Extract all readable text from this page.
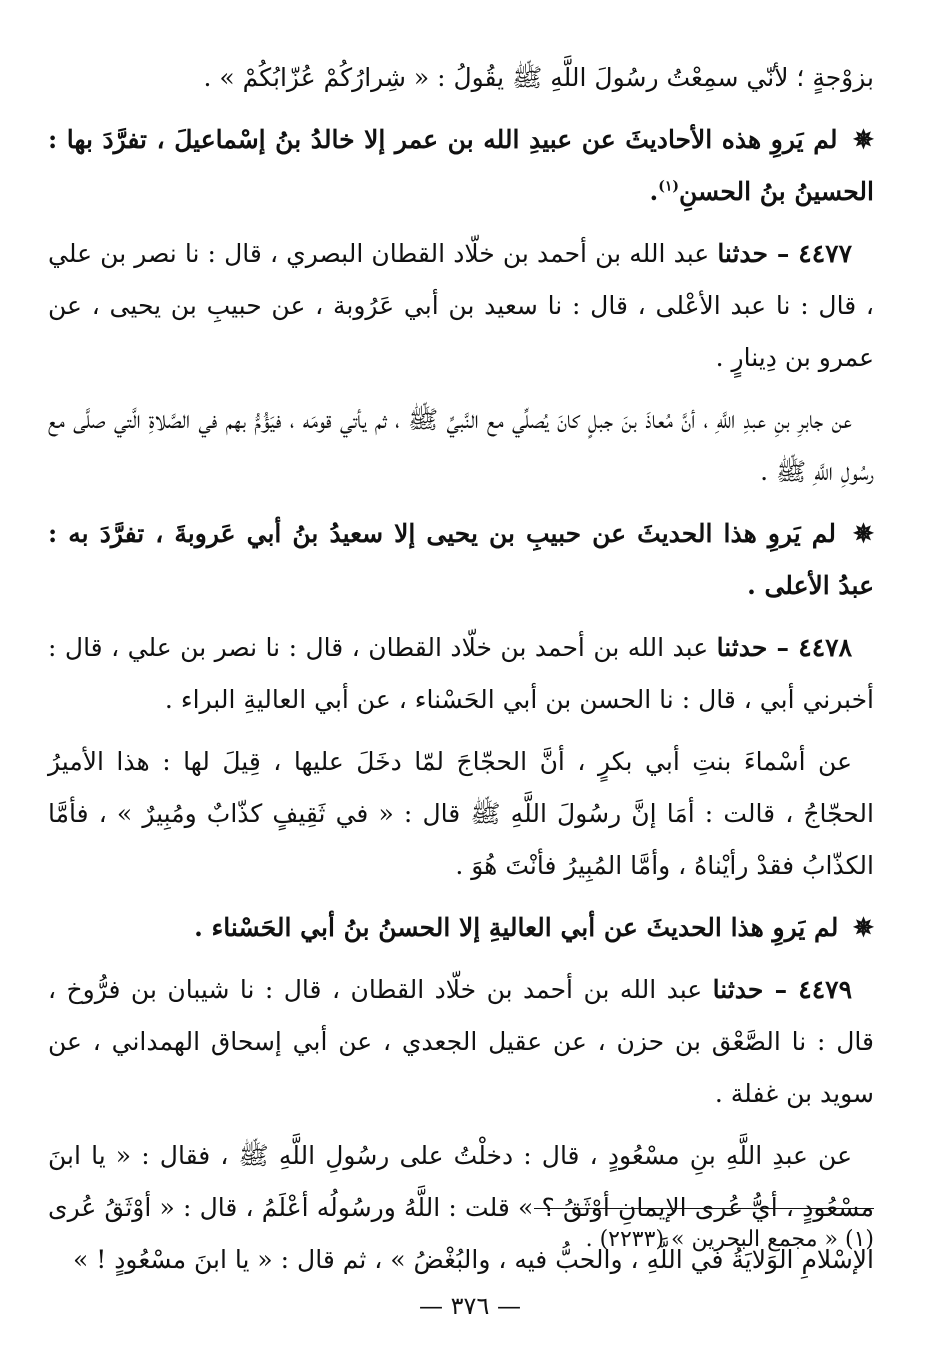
بزوْجةٍ ؛ لأنّي سمِعْتُ رسُولَ اللَّهِ ﷺ يقُولُ : « شِرارُكُمْ عُزّابُكُمْ » .

✵ لم يَروِ هذه الأحاديثَ عن عبيدِ الله بن عمر إلا خالدُ بنُ إسْماعيلَ ، تفرَّدَ بها : الحسينُ بنُ الحسنِ$^{(١)}$.

٤٤٧٧ – حدثنا عبد الله بن أحمد بن خلّاد القطان البصري ، قال : نا نصر بن علي ، قال : نا عبد الأعْلى ، قال : نا سعيد بن أبي عَرُوبة ، عن حبيبِ بن يحيى ، عن عمرو بن دِينارٍ .

عن جابرِ بنِ عبدِ اللَّهِ ، أنَّ مُعاذَ بنَ جبلٍ كانَ يُصلِّي مع النَّبيِّ ﷺ ، ثم يأتي قومَه ، فيَؤُمُّ بهم في الصَّلاةِ الَّتي صلَّى مع رسُولِ اللَّهِ ﷺ .

✵ لم يَروِ هذا الحديثَ عن حبيبِ بن يحيى إلا سعيدُ بنُ أبي عَروبةَ ، تفرَّدَ به : عبدُ الأعلى .

٤٤٧٨ – حدثنا عبد الله بن أحمد بن خلّاد القطان ، قال : نا نصر بن علي ، قال : أخبرني أبي ، قال : نا الحسن بن أبي الحَسْناء ، عن أبي العاليةِ البراء .

عن أسْماءَ بنتِ أبي بكرٍ ، أنَّ الحجّاجَ لمّا دخَلَ عليها ، قِيلَ لها : هذا الأميرُ الحجّاجُ ، قالت : أمَا إنَّ رسُولَ اللَّهِ ﷺ قال : « في ثَقِيفٍ كذّابٌ ومُبِيرٌ » ، فأمَّا الكذّابُ فقدْ رأيْناهُ ، وأمَّا المُبِيرُ فأنْتَ هُوَ .

✵ لم يَروِ هذا الحديثَ عن أبي العاليةِ إلا الحسنُ بنُ أبي الحَسْناء .

٤٤٧٩ – حدثنا عبد الله بن أحمد بن خلّاد القطان ، قال : نا شيبان بن فرُّوخ ، قال : نا الصَّعْق بن حزن ، عن عقيل الجعدي ، عن أبي إسحاق الهمداني ، عن سويد بن غفلة .

عن عبدِ اللَّهِ بنِ مسْعُودٍ ، قال : دخلْتُ على رسُولِ اللَّهِ ﷺ ، فقال : « يا ابنَ مسْعُودٍ ، أيُّ عُرى الإيمانِ أوْثَقُ ؟ » قلت : اللَّهُ ورسُولُه أعْلَمُ ، قال : « أوْثَقُ عُرى الإسْلامِ الوَلايَةُ في اللَّهِ ، والحبُّ فيه ، والبُغْضُ » ، ثم قال : « يا ابنَ مسْعُودٍ ! »

(١) « مجمع البحرين » (٢٢٣٣) .
— ٣٧٦ —
